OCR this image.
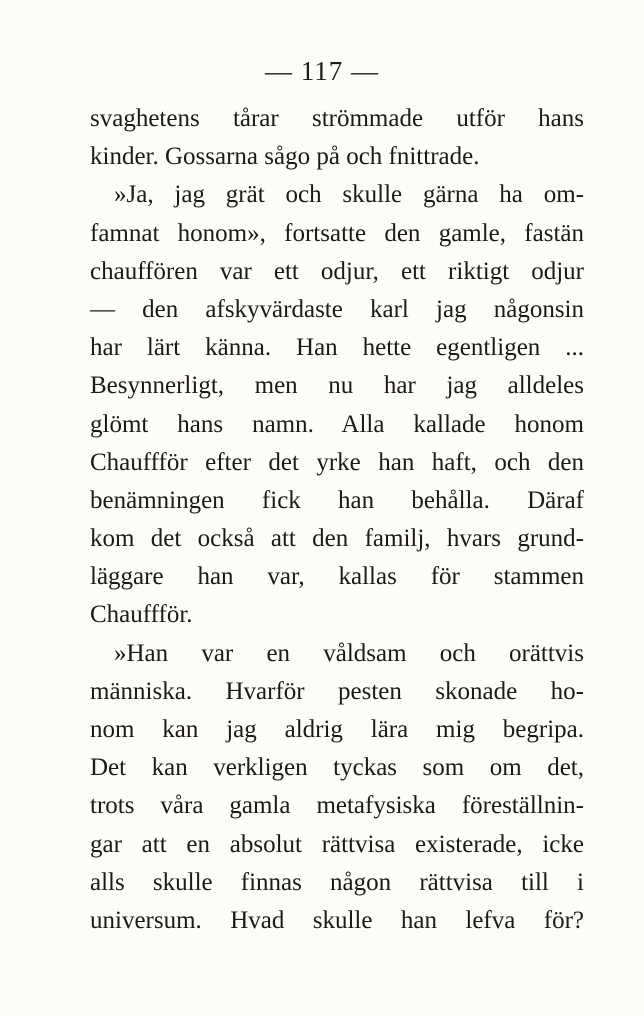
— 117 —
svaghetens tårar strömmade utför hans
kinder. Gossarna sågo på och fnittrade.
»Ja, jag grät och skulle gärna ha om-
famnat honom», fortsatte den gamle, fastän
chauffören var ett odjur, ett riktigt odjur
— den afskyvärdaste karl jag någonsin
har lärt känna. Han hette egentligen ...
Besynnerligt, men nu har jag alldeles
glömt hans namn. Alla kallade honom
Chauffför efter det yrke han haft, och den
benämningen fick han behålla. Däraf
kom det också att den familj, hvars grund-
läggare han var, kallas för stammen
Chauffför.
»Han var en våldsam och orättvis
människa. Hvarför pesten skonade ho-
nom kan jag aldrig lära mig begripa.
Det kan verkligen tyckas som om det,
trots våra gamla metafysiska föreställnin-
gar att en absolut rättvisa existerade, icke
alls skulle finnas någon rättvisa till i
universum. Hvad skulle han lefva för?
